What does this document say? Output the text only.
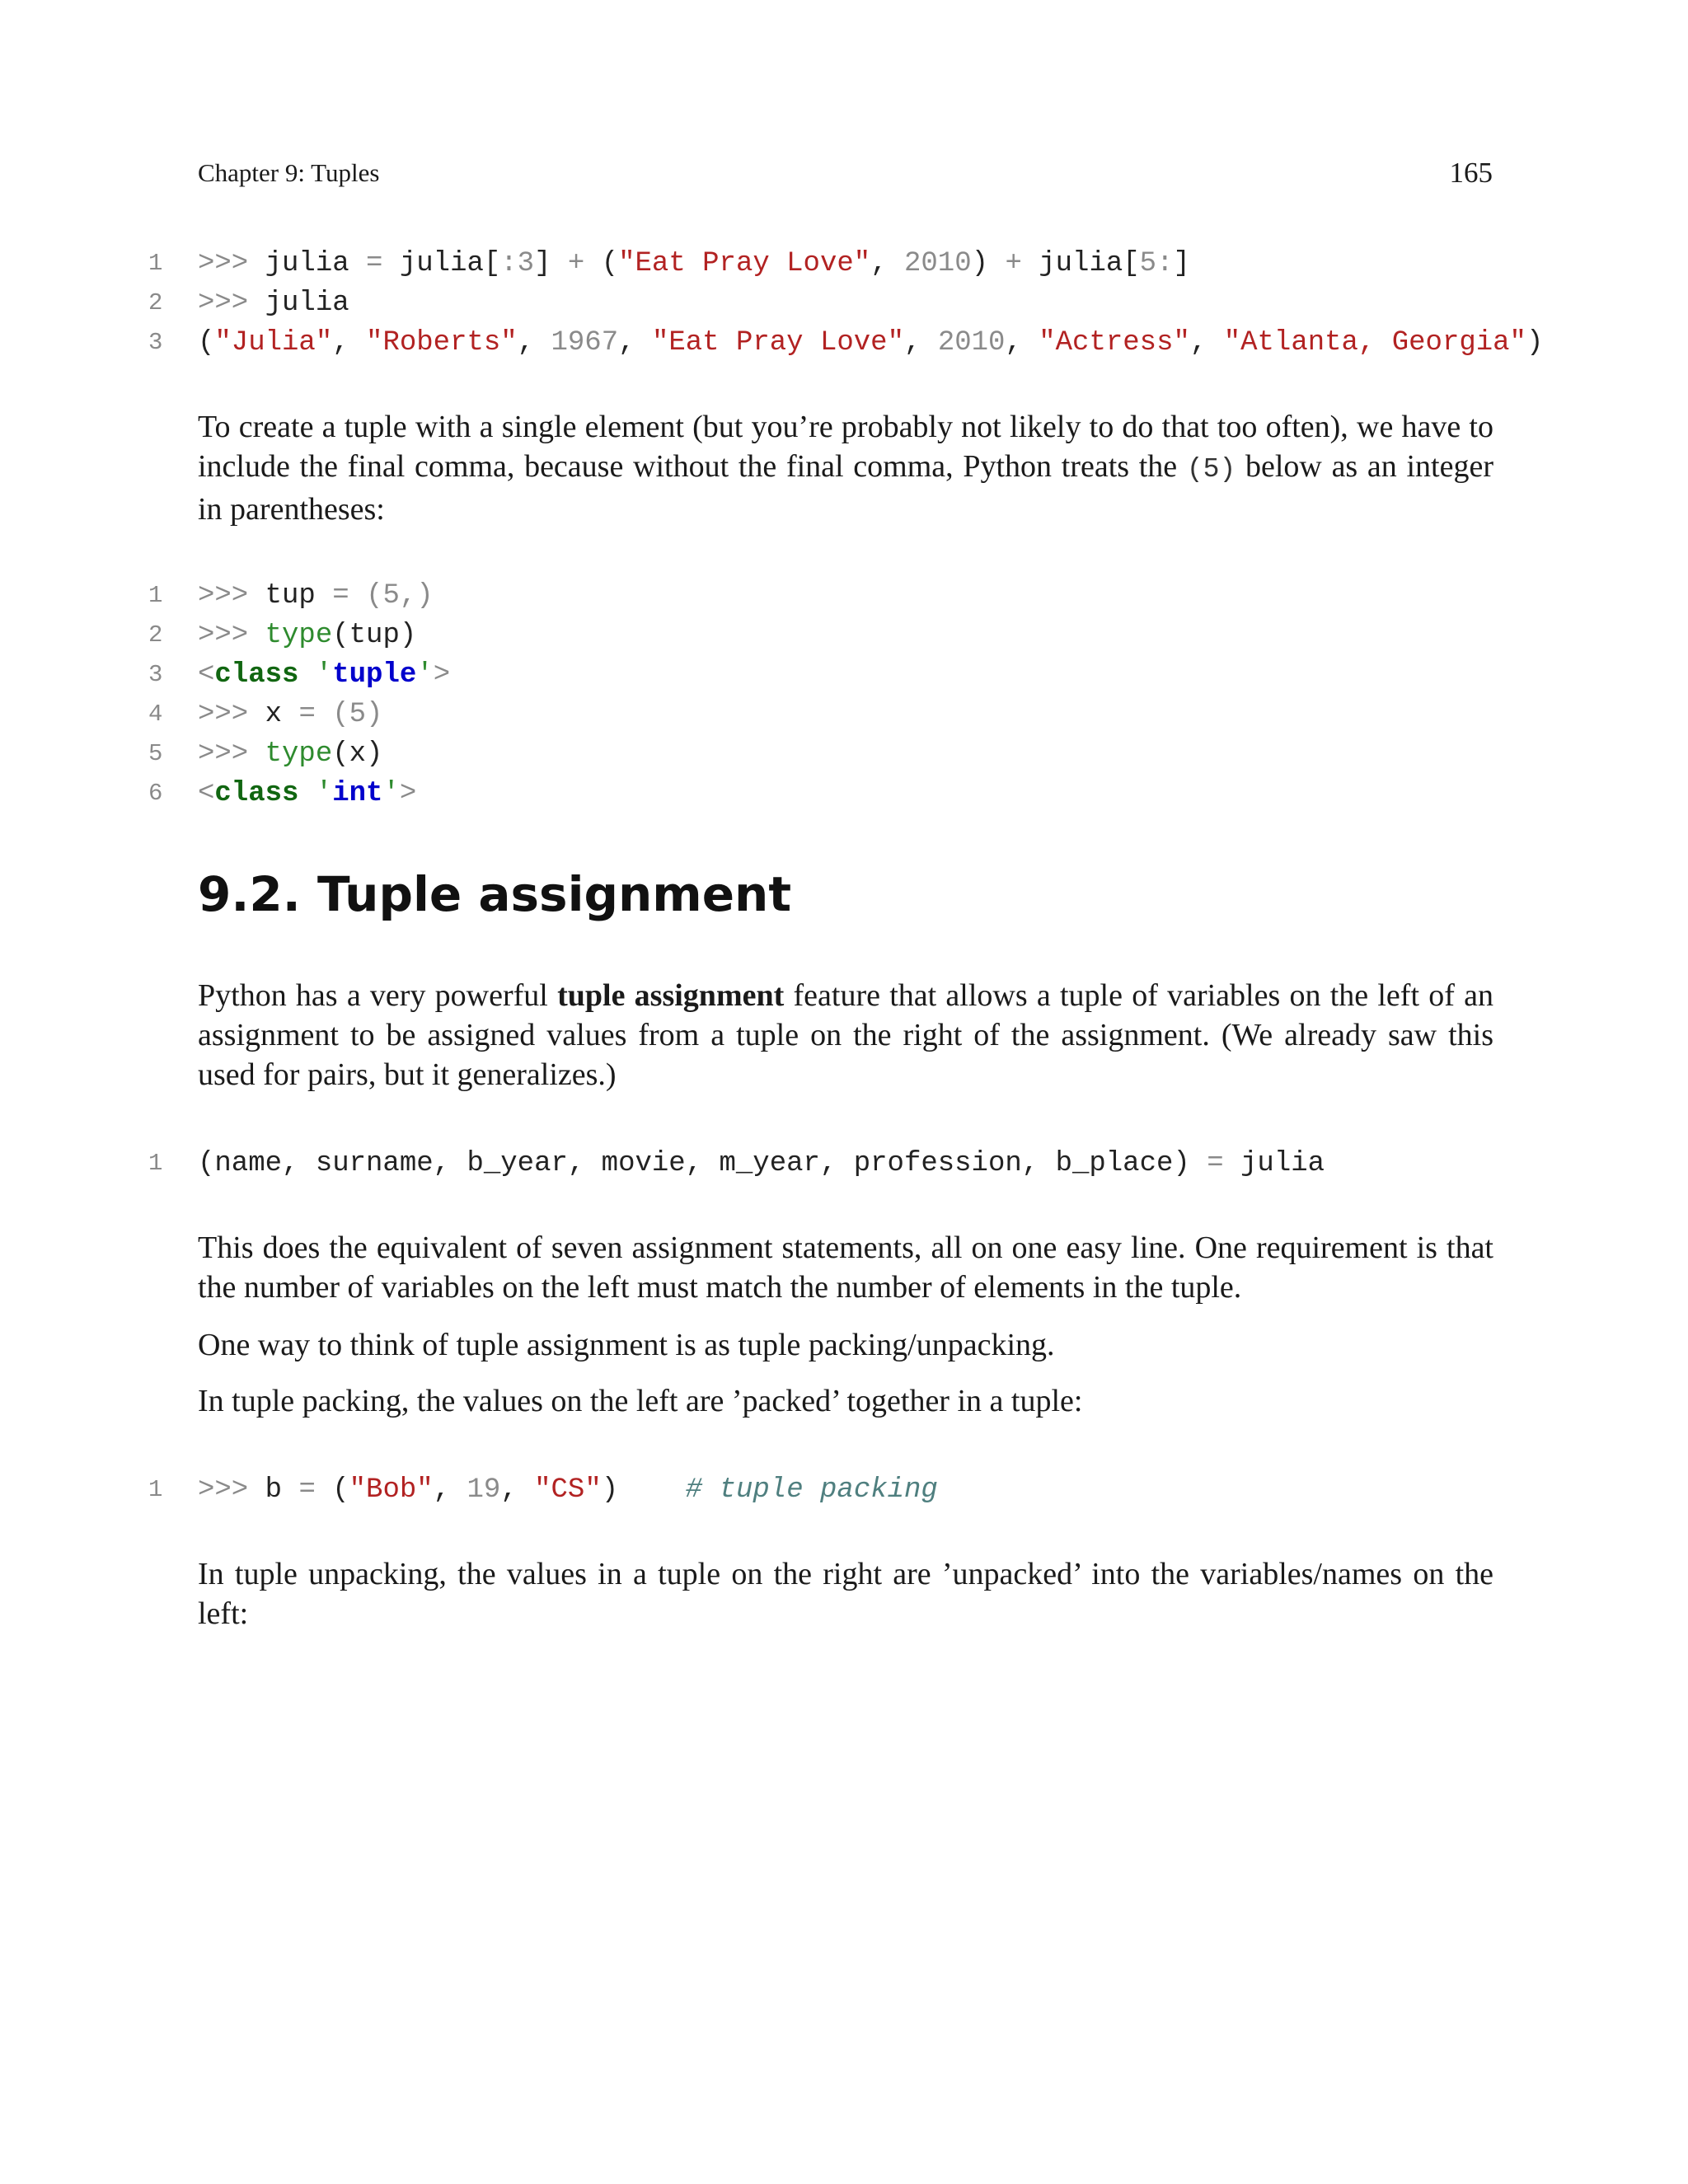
Chapter 9: Tuples	165
1	>>> julia = julia[:3] + ("Eat Pray Love", 2010) + julia[5:]
2	>>> julia
3	("Julia", "Roberts", 1967, "Eat Pray Love", 2010, "Actress", "Atlanta, Georgia")

To create a tuple with a single element (but you’re probably not likely to do that too often), we have to include the final comma, because without the final comma, Python treats the (5) below as an integer in parentheses:

1	>>> tup = (5,)
2	>>> type(tup)
3	<class 'tuple'>
4	>>> x = (5)
5	>>> type(x)
6	<class 'int'>
9.2. Tuple assignment

Python has a very powerful tuple assignment feature that allows a tuple of variables on the left of an assignment to be assigned values from a tuple on the right of the assignment. (We already saw this used for pairs, but it generalizes.)

1	(name, surname, b_year, movie, m_year, profession, b_place) = julia

This does the equivalent of seven assignment statements, all on one easy line. One requirement is that the number of variables on the left must match the number of elements in the tuple.

One way to think of tuple assignment is as tuple packing/unpacking.

In tuple packing, the values on the left are ’packed’ together in a tuple:

1	>>> b = ("Bob", 19, "CS")    # tuple packing

In tuple unpacking, the values in a tuple on the right are ’unpacked’ into the variables/names on the left:
